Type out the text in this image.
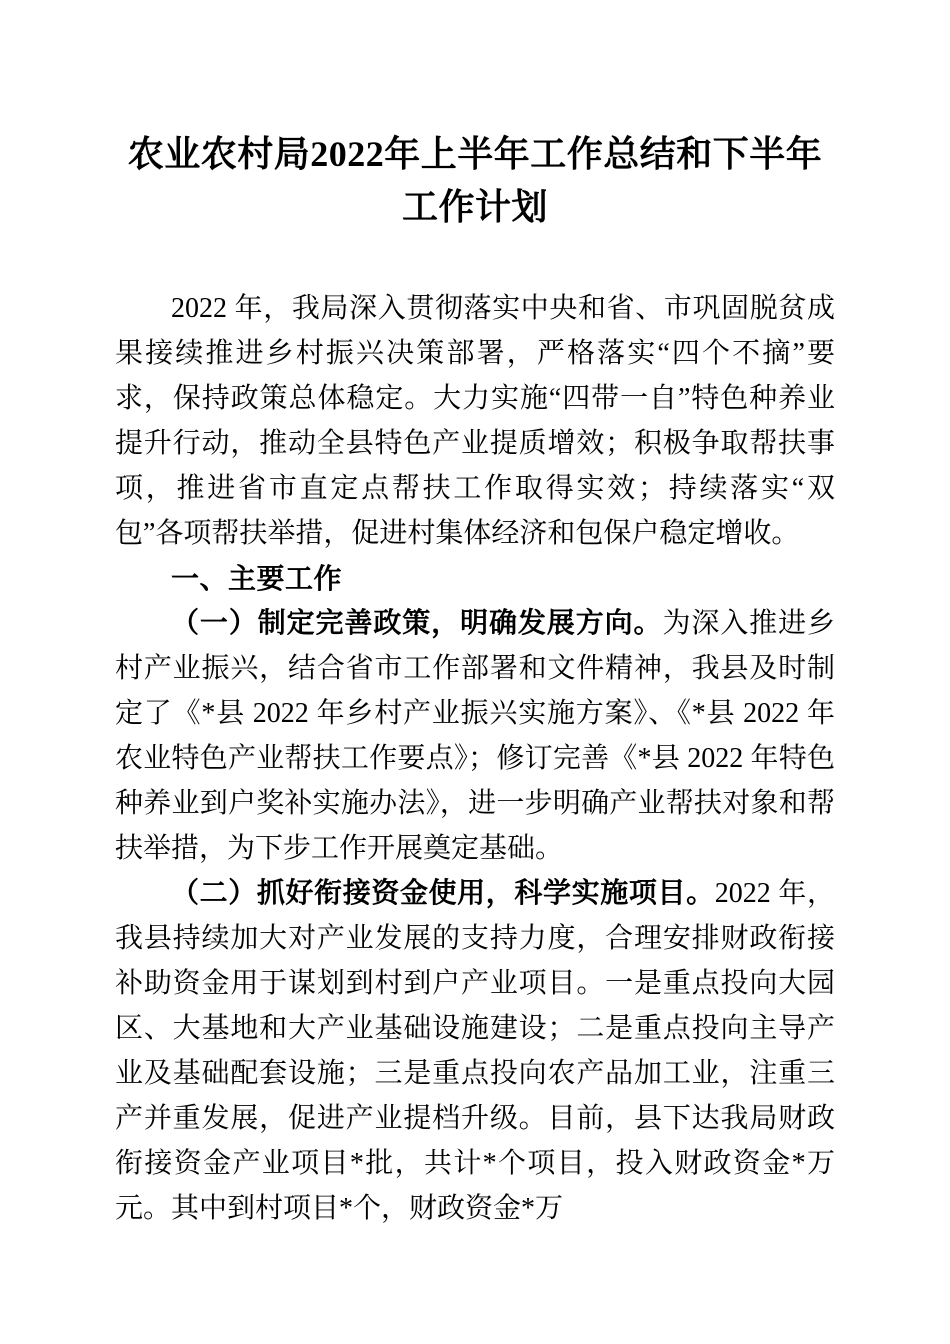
农业农村局2022年上半年工作总结和下半年工作计划

2022 年，我局深入贯彻落实中央和省、市巩固脱贫成果接续推进乡村振兴决策部署，严格落实“四个不摘”要求，保持政策总体稳定。大力实施“四带一自”特色种养业提升行动，推动全县特色产业提质增效；积极争取帮扶事项，推进省市直定点帮扶工作取得实效；持续落实“双包”各项帮扶举措，促进村集体经济和包保户稳定增收。

一、主要工作

（一）制定完善政策，明确发展方向。为深入推进乡村产业振兴，结合省市工作部署和文件精神，我县及时制定了《*县 2022 年乡村产业振兴实施方案》、《*县 2022 年农业特色产业帮扶工作要点》；修订完善《*县 2022 年特色种养业到户奖补实施办法》，进一步明确产业帮扶对象和帮扶举措，为下步工作开展奠定基础。

（二）抓好衔接资金使用，科学实施项目。2022 年，我县持续加大对产业发展的支持力度，合理安排财政衔接补助资金用于谋划到村到户产业项目。一是重点投向大园区、大基地和大产业基础设施建设；二是重点投向主导产业及基础配套设施；三是重点投向农产品加工业，注重三产并重发展，促进产业提档升级。目前，县下达我局财政衔接资金产业项目*批，共计*个项目，投入财政资金*万元。其中到村项目*个，财政资金*万
